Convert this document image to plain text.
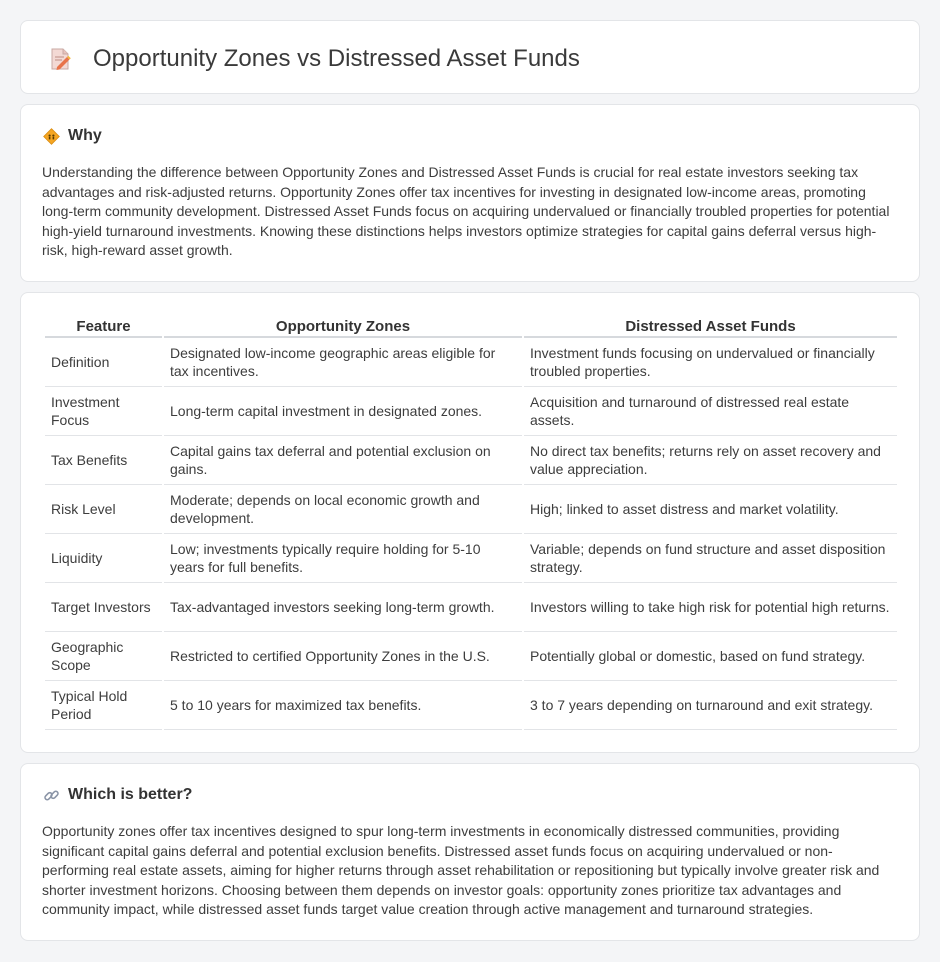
Opportunity Zones vs Distressed Asset Funds
Why

Understanding the difference between Opportunity Zones and Distressed Asset Funds is crucial for real estate investors seeking tax advantages and risk-adjusted returns. Opportunity Zones offer tax incentives for investing in designated low-income areas, promoting long-term community development. Distressed Asset Funds focus on acquiring undervalued or financially troubled properties for potential high-yield turnaround investments. Knowing these distinctions helps investors optimize strategies for capital gains deferral versus high-risk, high-reward asset growth.

Feature	Opportunity Zones	Distressed Asset Funds
Definition	Designated low-income geographic areas eligible for tax incentives.	Investment funds focusing on undervalued or financially troubled properties.
Investment Focus	Long-term capital investment in designated zones.	Acquisition and turnaround of distressed real estate assets.
Tax Benefits	Capital gains tax deferral and potential exclusion on gains.	No direct tax benefits; returns rely on asset recovery and value appreciation.
Risk Level	Moderate; depends on local economic growth and development.	High; linked to asset distress and market volatility.
Liquidity	Low; investments typically require holding for 5-10 years for full benefits.	Variable; depends on fund structure and asset disposition strategy.
Target Investors	Tax-advantaged investors seeking long-term growth.	Investors willing to take high risk for potential high returns.
Geographic Scope	Restricted to certified Opportunity Zones in the U.S.	Potentially global or domestic, based on fund strategy.
Typical Hold Period	5 to 10 years for maximized tax benefits.	3 to 7 years depending on turnaround and exit strategy.
Which is better?

Opportunity zones offer tax incentives designed to spur long-term investments in economically distressed communities, providing significant capital gains deferral and potential exclusion benefits. Distressed asset funds focus on acquiring undervalued or non-performing real estate assets, aiming for higher returns through asset rehabilitation or repositioning but typically involve greater risk and shorter investment horizons. Choosing between them depends on investor goals: opportunity zones prioritize tax advantages and community impact, while distressed asset funds target value creation through active management and turnaround strategies.
